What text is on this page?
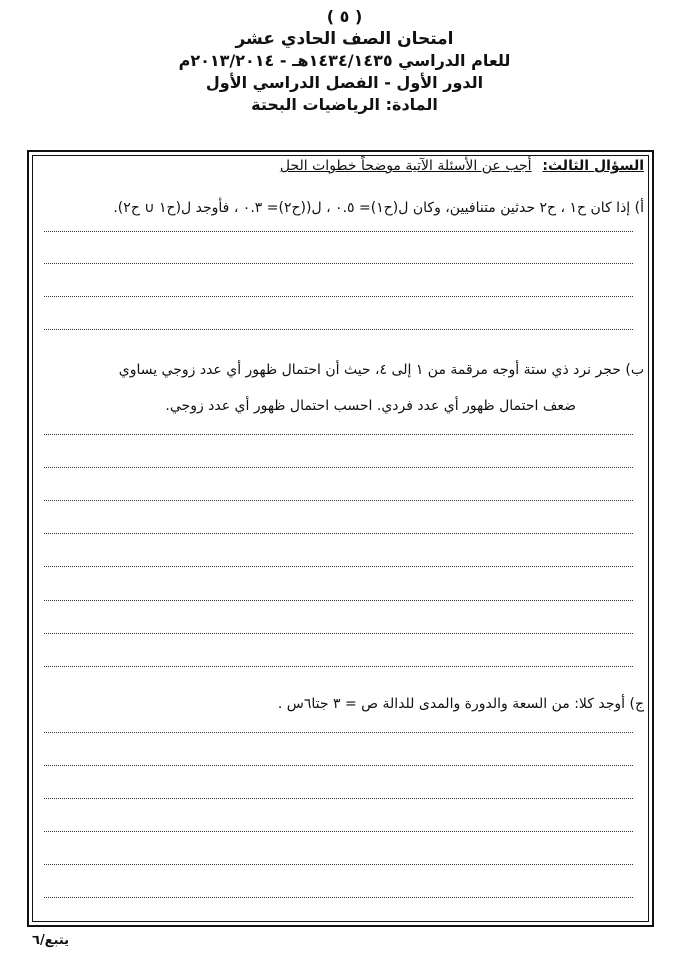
( ٥ )
امتحان الصف الحادي عشر
للعام الدراسي ١٤٣٤/١٤٣٥هـ - ٢٠١٣/٢٠١٤م
الدور الأول - الفصل الدراسي الأول
المادة: الرياضيات البحتة
السؤال الثالث: أجب عن الأسئلة الآتية موضحاً خطوات الحل
أ) إذا كان ح١ ، ح٢ حدثين متنافيين، وكان ل(ح١)= ٠.٥ ، ل((ح٢)= ٠.٣ ، فأوجد ل(ح١ ∪ ح٢).
ب) حجر نرد ذي ستة أوجه مرقمة من ١ إلى ٤، حيث أن احتمال ظهور أي عدد زوجي يساوي
ضعف احتمال ظهور أي عدد فردي. احسب احتمال ظهور أي عدد زوجي.
ج) أوجد كلا: من السعة والدورة والمدى للدالة ص = ٣ جتا٦س .
يتبع/٦
